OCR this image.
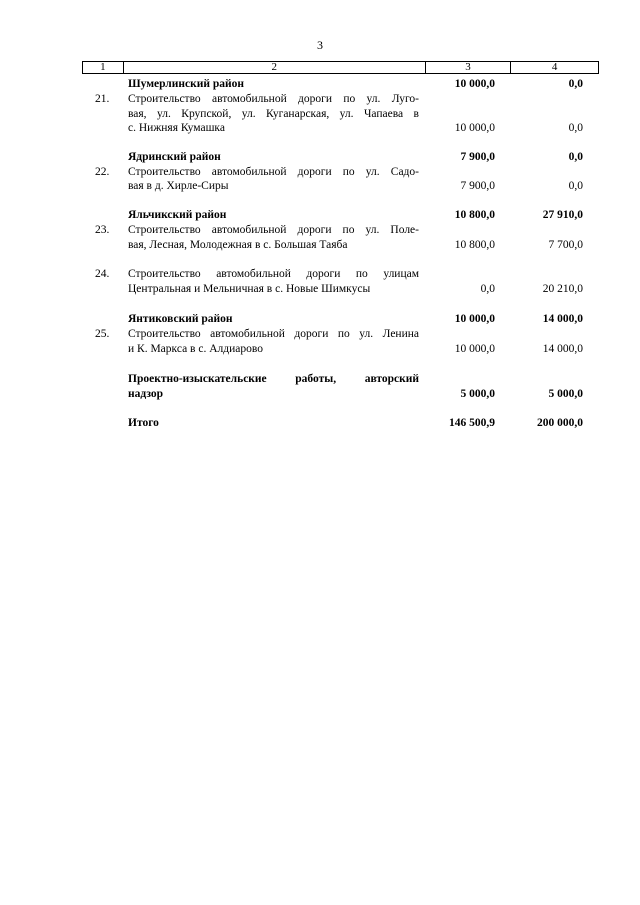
3
1	2	3	4
Шумерлинский район	10 000,0	0,0
21. Строительство автомобильной дороги по ул. Луго-
вая, ул. Крупской, ул. Куганарская, ул. Чапаева в
с. Нижняя Кумашка	10 000,0	0,0
Ядринский район	7 900,0	0,0
22. Строительство автомобильной дороги по ул. Садо-
вая в д. Хирле-Сиры	7 900,0	0,0
Яльчикский район	10 800,0	27 910,0
23. Строительство автомобильной дороги по ул. Поле-
вая, Лесная, Молодежная в с. Большая Таяба	10 800,0	7 700,0
24. Строительство автомобильной дороги по улицам
Центральная и Мельничная в с. Новые Шимкусы	0,0	20 210,0
Янтиковский район	10 000,0	14 000,0
25. Строительство автомобильной дороги по ул. Ленина
и К. Маркса в с. Алдиарово	10 000,0	14 000,0
Проектно-изыскательские работы, авторский
надзор	5 000,0	5 000,0
Итого	146 500,9	200 000,0
